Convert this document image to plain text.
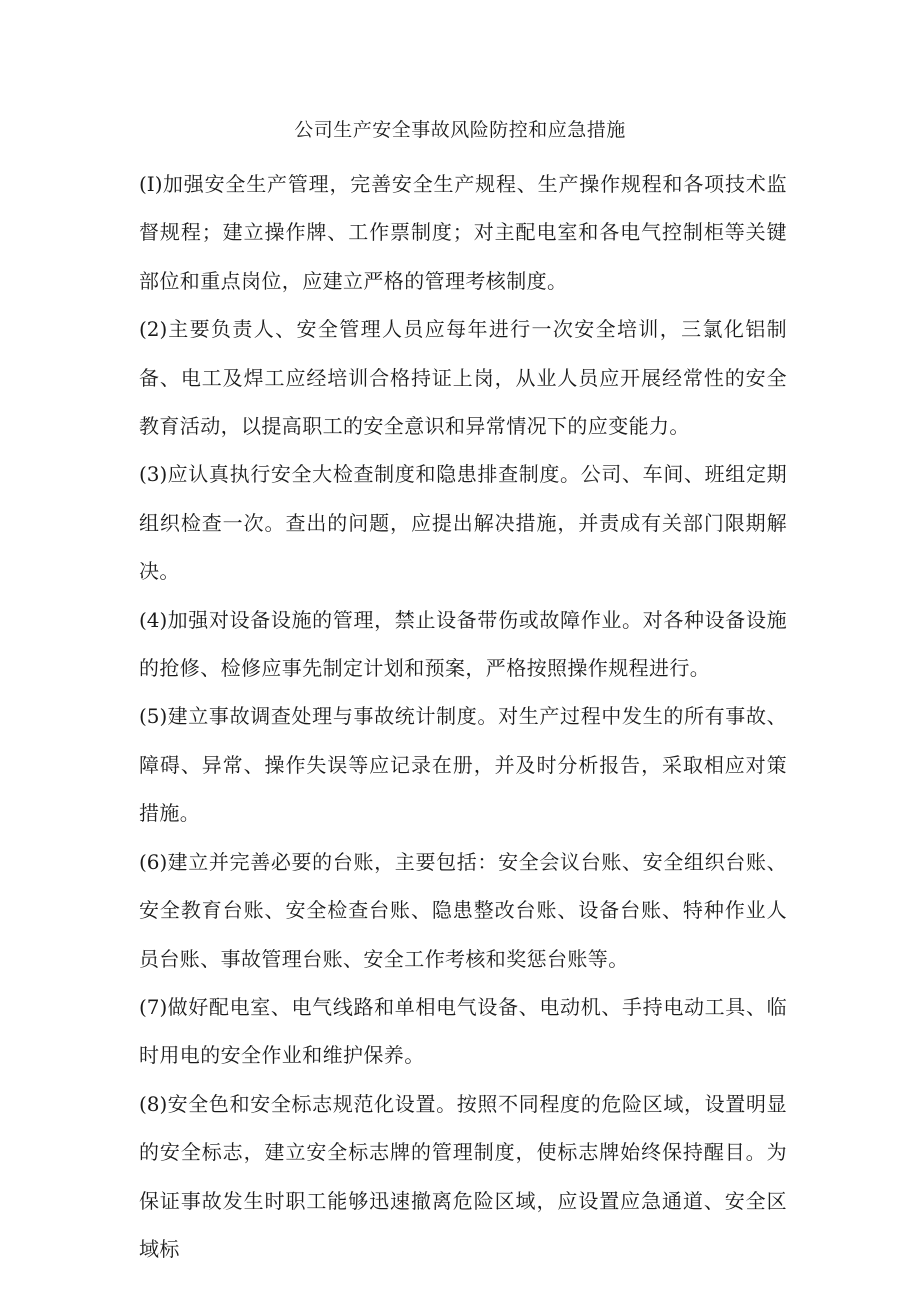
公司生产安全事故风险防控和应急措施

(I)加强安全生产管理，完善安全生产规程、生产操作规程和各项技术监督规程；建立操作牌、工作票制度；对主配电室和各电气控制柜等关键部位和重点岗位，应建立严格的管理考核制度。

(2)主要负责人、安全管理人员应每年进行一次安全培训，三氯化铝制备、电工及焊工应经培训合格持证上岗，从业人员应开展经常性的安全教育活动，以提高职工的安全意识和异常情况下的应变能力。

(3)应认真执行安全大检查制度和隐患排查制度。公司、车间、班组定期组织检查一次。查出的问题，应提出解决措施，并责成有关部门限期解决。

(4)加强对设备设施的管理，禁止设备带伤或故障作业。对各种设备设施的抢修、检修应事先制定计划和预案，严格按照操作规程进行。

(5)建立事故调查处理与事故统计制度。对生产过程中发生的所有事故、障碍、异常、操作失误等应记录在册，并及时分析报告，采取相应对策措施。

(6)建立并完善必要的台账，主要包括：安全会议台账、安全组织台账、安全教育台账、安全检查台账、隐患整改台账、设备台账、特种作业人员台账、事故管理台账、安全工作考核和奖惩台账等。

(7)做好配电室、电气线路和单相电气设备、电动机、手持电动工具、临时用电的安全作业和维护保养。

(8)安全色和安全标志规范化设置。按照不同程度的危险区域，设置明显的安全标志，建立安全标志牌的管理制度，使标志牌始终保持醒目。为保证事故发生时职工能够迅速撤离危险区域，应设置应急通道、安全区域标
